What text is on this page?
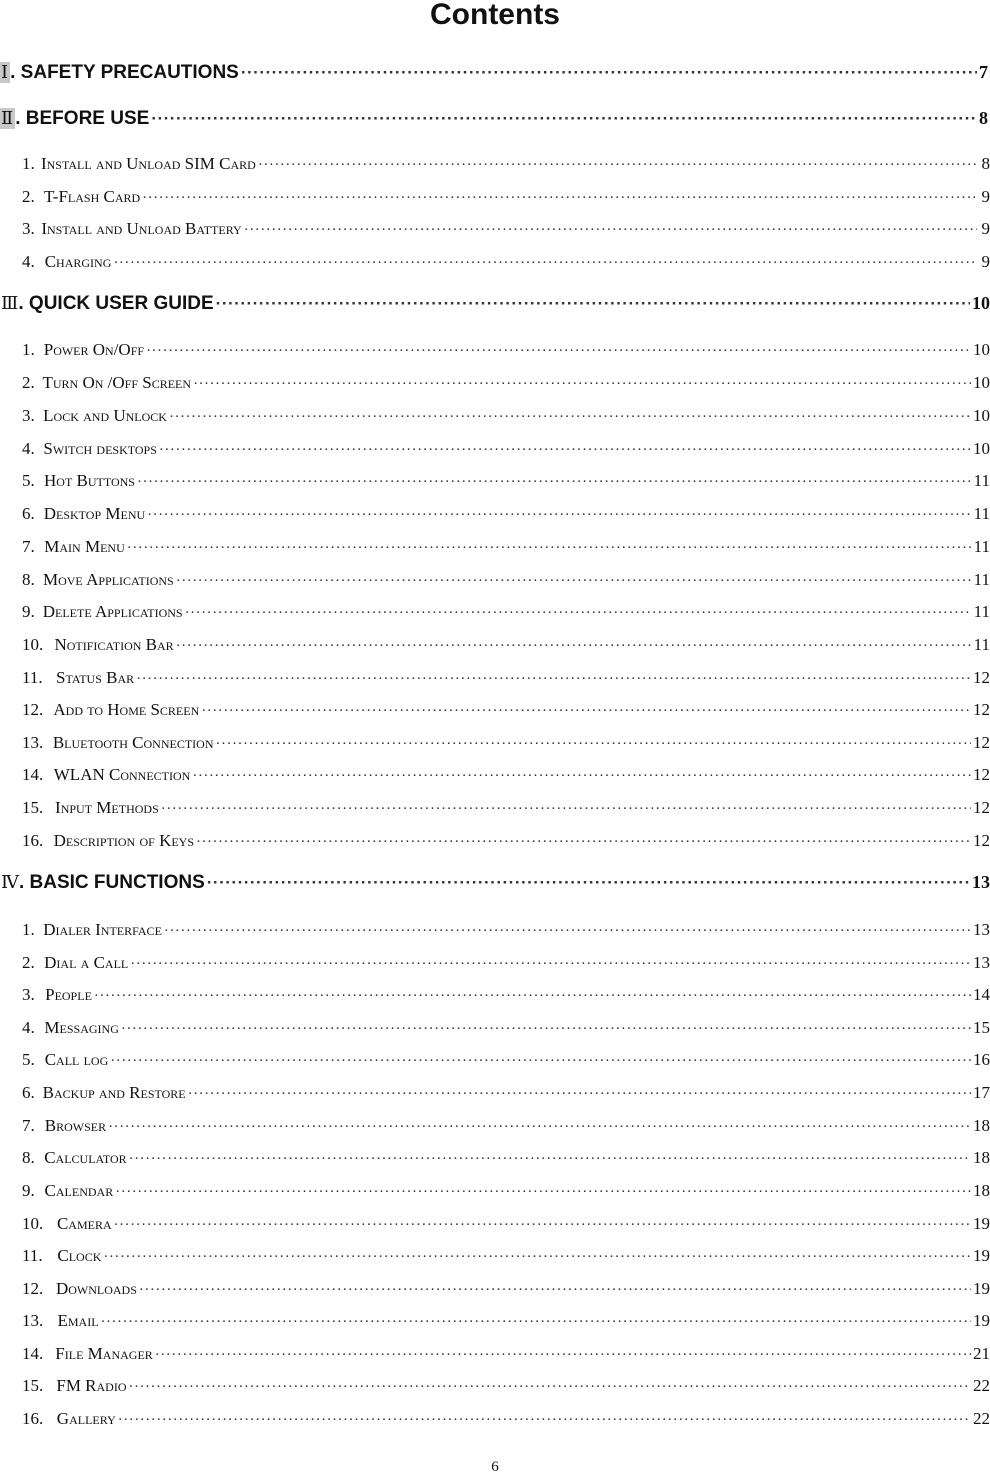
Contents
Ⅰ . SAFETY PRECAUTIONS ·····	7
Ⅱ . BEFORE USE ·····	8
1. Install and Unload SIM Card ·····	8
2. T-Flash Card ·····	9
3. Install and Unload Battery ·····	9
4. Charging ·····	9
Ⅲ . QUICK USER GUIDE ·····	10
1. Power On/Off ·····	10
2. Turn On /Off Screen ·····	10
3. Lock and Unlock ·····	10
4. Switch desktops ·····	10
5. Hot Buttons ·····	11
6. Desktop Menu ·····	11
7. Main Menu ·····	11
8. Move Applications ·····	11
9. Delete Applications ·····	11
10. Notification Bar ·····	11
11. Status Bar ·····	12
12. Add to Home Screen ·····	12
13. Bluetooth Connection ·····	12
14. WLAN Connection ·····	12
15. Input Methods ·····	12
16. Description of Keys ·····	12
Ⅳ . BASIC FUNCTIONS ·····	13
1. Dialer Interface ·····	13
2. Dial a Call ·····	13
3. People ·····	14
4. Messaging ·····	15
5. Call log ·····	16
6. Backup and Restore ·····	17
7. Browser ·····	18
8. Calculator ·····	18
9. Calendar ·····	18
10. Camera ·····	19
11. Clock ·····	19
12. Downloads ·····	19
13. Email ·····	19
14. File Manager ·····	21
15. FM Radio ·····	22
16. Gallery ·····	22
6
